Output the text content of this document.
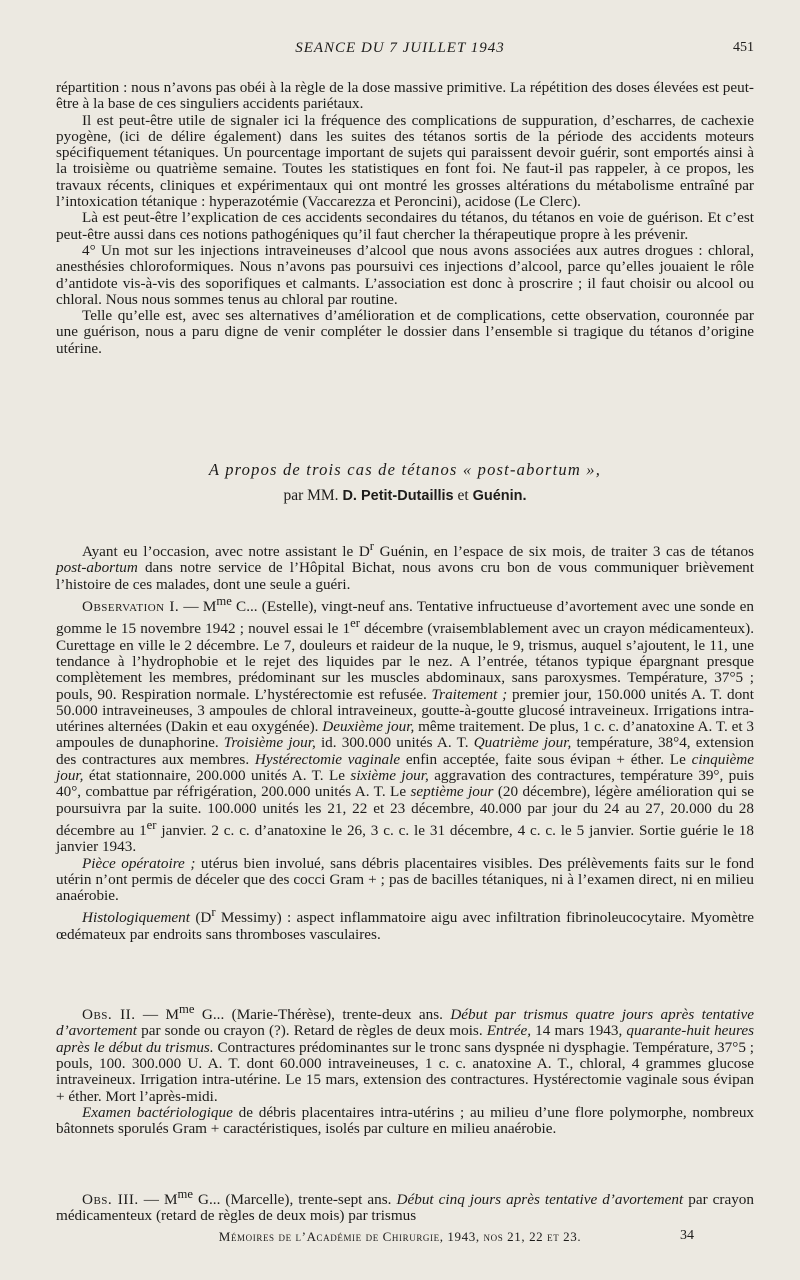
SEANCE DU 7 JUILLET 1943	451

répartition : nous n’avons pas obéi à la règle de la dose massive primitive. La répétition des doses élevées est peut-être à la base de ces singuliers accidents pariétaux.

Il est peut-être utile de signaler ici la fréquence des complications de suppuration, d’escharres, de cachexie pyogène, (ici de délire également) dans les suites des tétanos sortis de la période des accidents moteurs spécifiquement tétaniques. Un pourcentage important de sujets qui paraissent devoir guérir, sont emportés ainsi à la troisième ou quatrième semaine. Toutes les statistiques en font foi. Ne faut-il pas rappeler, à ce propos, les travaux récents, cliniques et expérimentaux qui ont montré les grosses altérations du métabolisme entraîné par l’intoxication tétanique : hyperazotémie (Vaccarezza et Peroncini), acidose (Le Clerc).

Là est peut-être l’explication de ces accidents secondaires du tétanos, du tétanos en voie de guérison. Et c’est peut-être aussi dans ces notions pathogéniques qu’il faut chercher la thérapeutique propre à les prévenir.

4° Un mot sur les injections intraveineuses d’alcool que nous avons associées aux autres drogues : chloral, anesthésies chloroformiques. Nous n’avons pas poursuivi ces injections d’alcool, parce qu’elles jouaient le rôle d’antidote vis-à-vis des soporifiques et calmants. L’association est donc à proscrire ; il faut choisir ou alcool ou chloral. Nous nous sommes tenus au chloral par routine.

Telle qu’elle est, avec ses alternatives d’amélioration et de complications, cette observation, couronnée par une guérison, nous a paru digne de venir compléter le dossier dans l’ensemble si tragique du tétanos d’origine utérine.

A propos de trois cas de tétanos « post-abortum »,
par MM. D. Petit-Dutaillis et Guénin.

Ayant eu l’occasion, avec notre assistant le $D^r$ Guénin, en l’espace de six mois, de traiter 3 cas de tétanos post-abortum dans notre service de l’Hôpital Bichat, nous avons cru bon de vous communiquer brièvement l’histoire de ces malades, dont une seule a guéri.

Observation I. — $M^{me}$ C... (Estelle), vingt-neuf ans. Tentative infructueuse d’avortement avec une sonde en gomme le 15 novembre 1942 ; nouvel essai le 1er décembre (vraisemblablement avec un crayon médicamenteux). Curettage en ville le 2 décembre. Le 7, douleurs et raideur de la nuque, le 9, trismus, auquel s’ajoutent, le 11, une tendance à l’hydrophobie et le rejet des liquides par le nez. A l’entrée, tétanos typique épargnant presque complètement les membres, prédominant sur les muscles abdominaux, sans paroxysmes. Température, 37°5 ; pouls, 90. Respiration normale. L’hystérectomie est refusée. Traitement ; premier jour, 150.000 unités A. T. dont 50.000 intraveineuses, 3 ampoules de chloral intraveineux, goutte-à-goutte glucosé intraveineux. Irrigations intra-utérines alternées (Dakin et eau oxygénée). Deuxième jour, même traitement. De plus, 1 c. c. d’anatoxine A. T. et 3 ampoules de dunaphorine. Troisième jour, id. 300.000 unités A. T. Quatrième jour, température, 38°4, extension des contractures aux membres. Hystérectomie vaginale enfin acceptée, faite sous évipan + éther. Le cinquième jour, état stationnaire, 200.000 unités A. T. Le sixième jour, aggravation des contractures, température 39°, puis 40°, combattue par réfrigération, 200.000 unités A. T. Le septième jour (20 décembre), légère amélioration qui se poursuivra par la suite. 100.000 unités les 21, 22 et 23 décembre, 40.000 par jour du 24 au 27, 20.000 du 28 décembre au 1er janvier. 2 c. c. d’anatoxine le 26, 3 c. c. le 31 décembre, 4 c. c. le 5 janvier. Sortie guérie le 18 janvier 1943.

Pièce opératoire ; utérus bien involué, sans débris placentaires visibles. Des prélèvements faits sur le fond utérin n’ont permis de déceler que des cocci Gram + ; pas de bacilles tétaniques, ni à l’examen direct, ni en milieu anaérobie.

Histologiquement ($D^r$ Messimy) : aspect inflammatoire aigu avec infiltration fibrinoleucocytaire. Myomètre œdémateux par endroits sans thromboses vasculaires.

Obs. II. — $M^{me}$ G... (Marie-Thérèse), trente-deux ans. Début par trismus quatre jours après tentative d’avortement par sonde ou crayon (?). Retard de règles de deux mois. Entrée, 14 mars 1943, quarante-huit heures après le début du trismus. Contractures prédominantes sur le tronc sans dyspnée ni dysphagie. Température, 37°5 ; pouls, 100. 300.000 U. A. T. dont 60.000 intraveineuses, 1 c. c. anatoxine A. T., chloral, 4 grammes glucose intraveineux. Irrigation intra-utérine. Le 15 mars, extension des contractures. Hystérectomie vaginale sous évipan + éther. Mort l’après-midi.

Examen bactériologique de débris placentaires intra-utérins ; au milieu d’une flore polymorphe, nombreux bâtonnets sporulés Gram + caractéristiques, isolés par culture en milieu anaérobie.

Obs. III. — $M^{me}$ G... (Marcelle), trente-sept ans. Début cinq jours après tentative d’avortement par crayon médicamenteux (retard de règles de deux mois) par trismus

Mémoires de l’Académie de Chirurgie, 1943, nos 21, 22 et 23.	34
